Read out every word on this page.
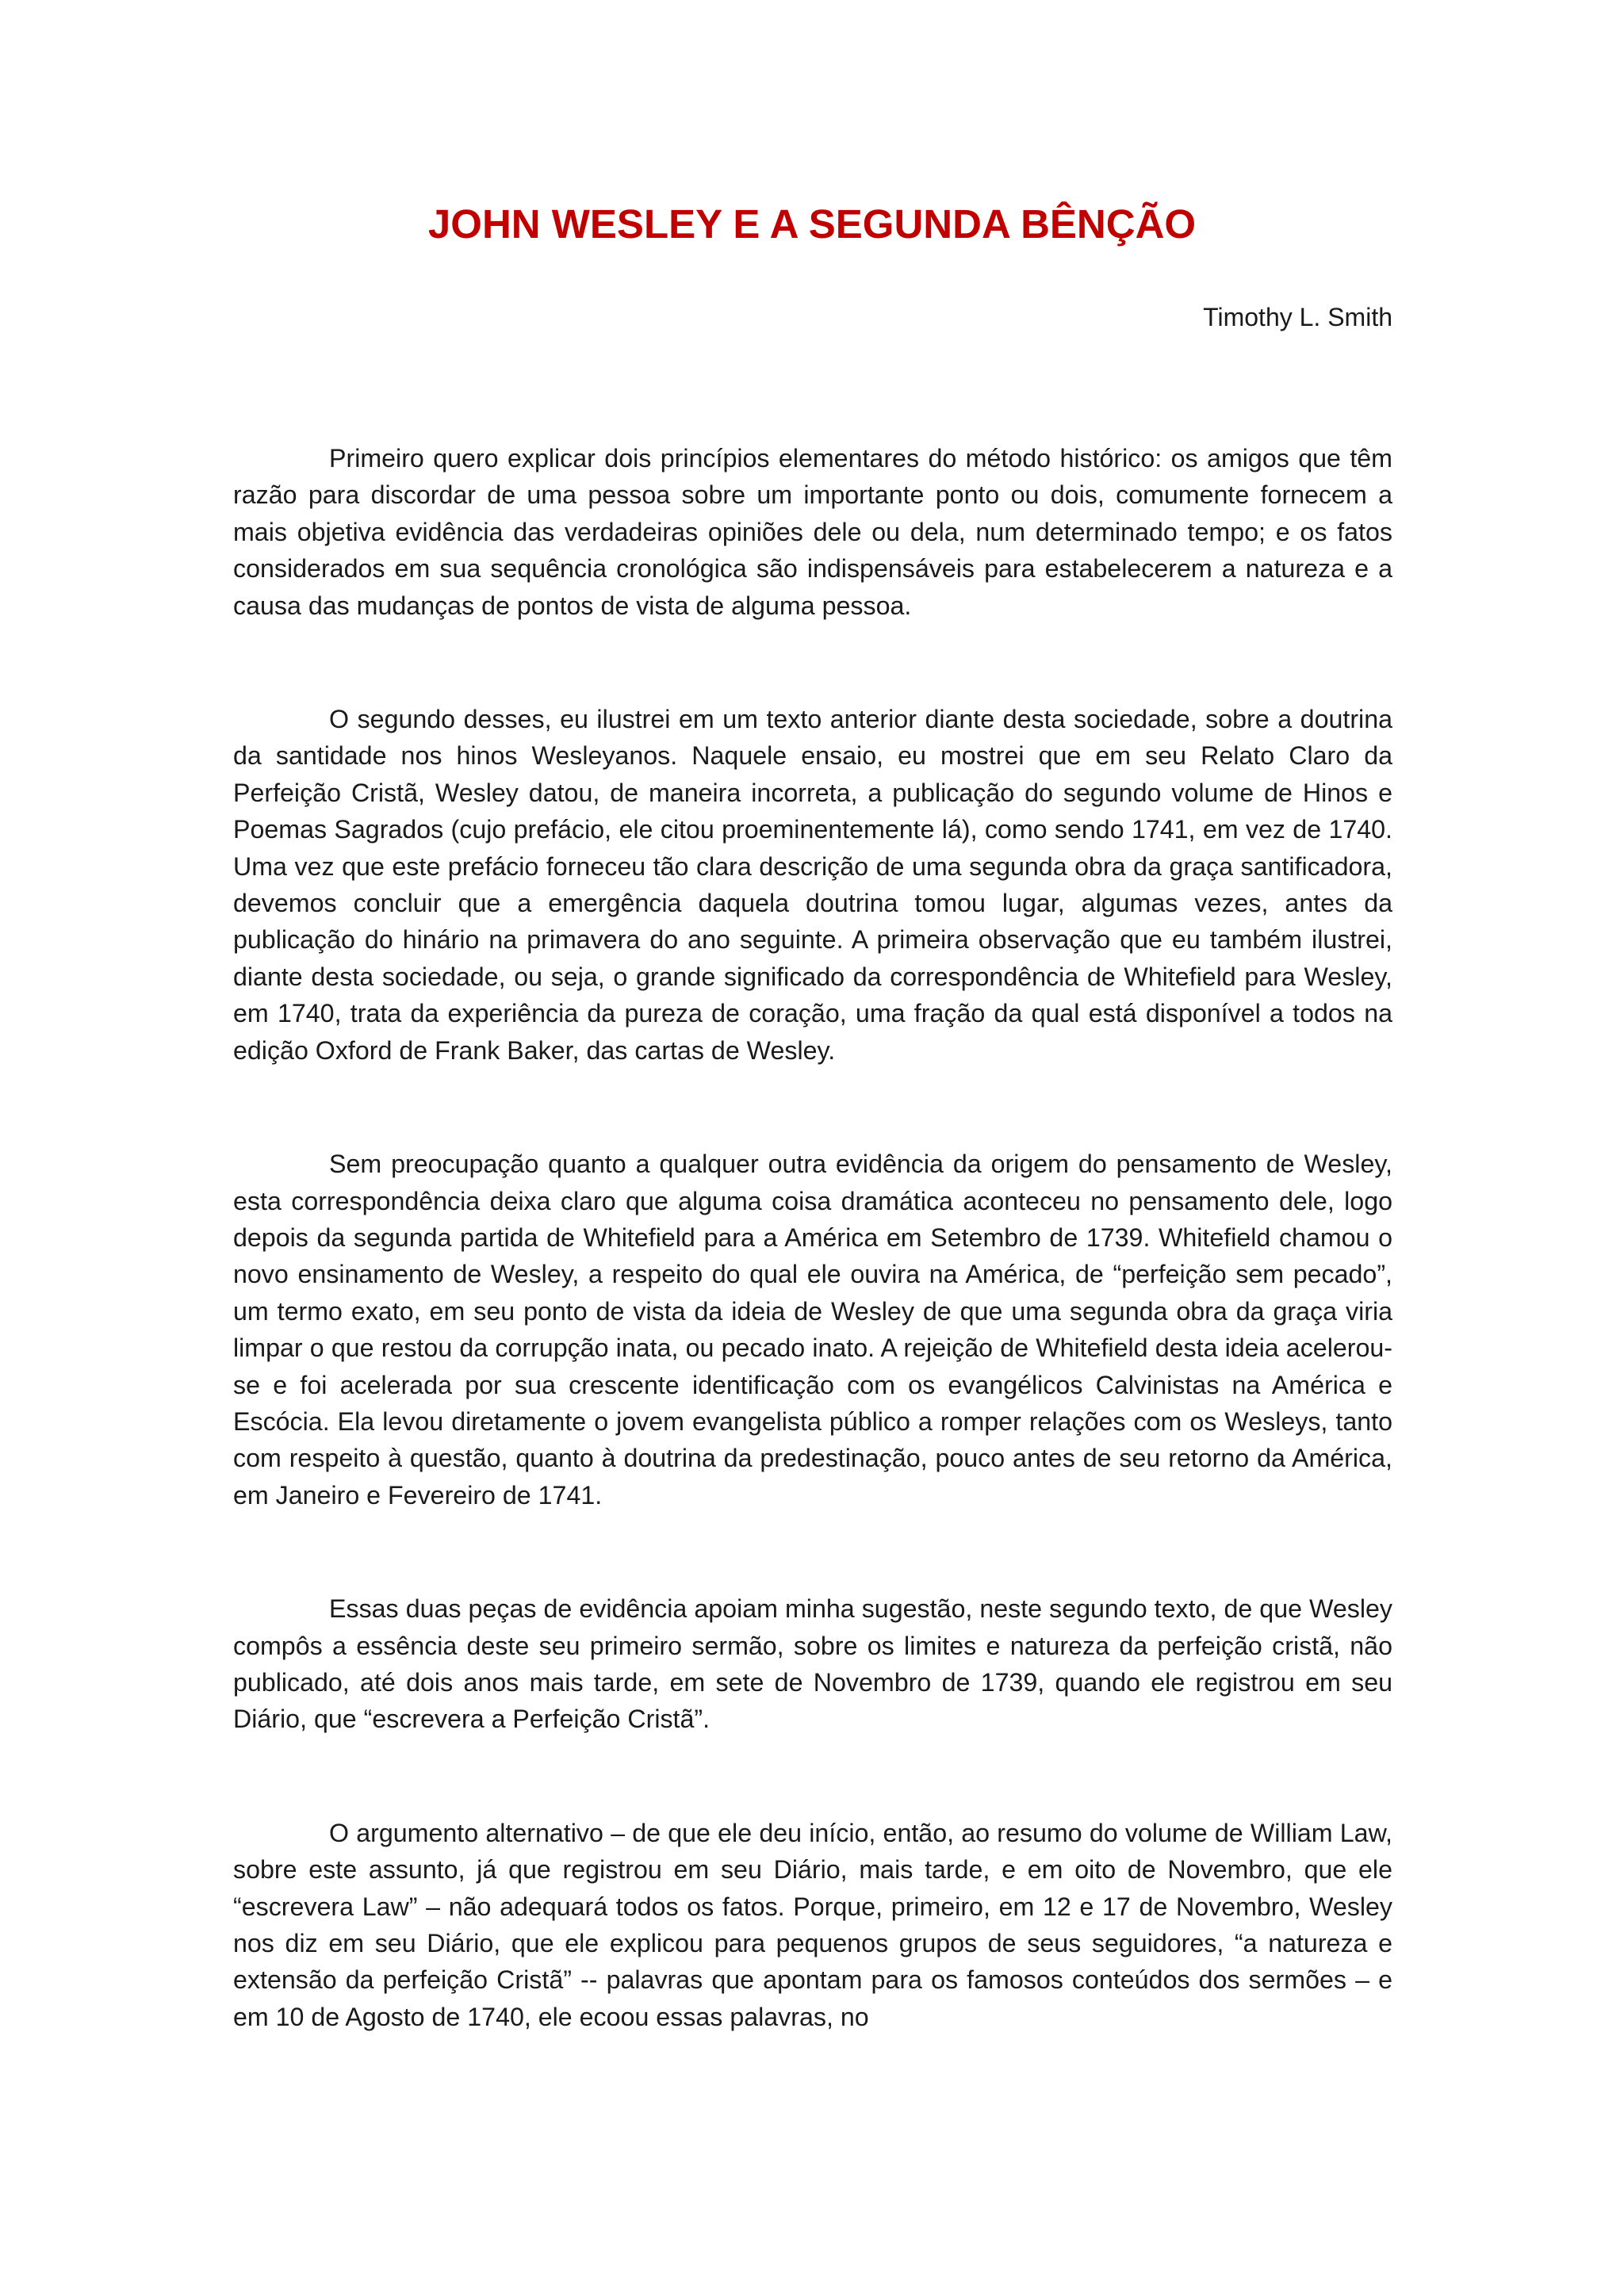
JOHN WESLEY E A SEGUNDA BÊNÇÃO

Timothy L. Smith

Primeiro quero explicar dois princípios elementares do método histórico: os amigos que têm razão para discordar de uma pessoa sobre um importante ponto ou dois, comumente fornecem a mais objetiva evidência das verdadeiras opiniões dele ou dela, num determinado tempo; e os fatos considerados em sua sequência cronológica são indispensáveis para estabelecerem a natureza e a causa das mudanças de pontos de vista de alguma pessoa.

O segundo desses, eu ilustrei em um texto anterior diante desta sociedade, sobre a doutrina da santidade nos hinos Wesleyanos. Naquele ensaio, eu mostrei que em seu Relato Claro da Perfeição Cristã, Wesley datou, de maneira incorreta, a publicação do segundo volume de Hinos e Poemas Sagrados (cujo prefácio, ele citou proeminentemente lá), como sendo 1741, em vez de 1740. Uma vez que este prefácio forneceu tão clara descrição de uma segunda obra da graça santificadora, devemos concluir que a emergência daquela doutrina tomou lugar, algumas vezes, antes da publicação do hinário na primavera do ano seguinte. A primeira observação que eu também ilustrei, diante desta sociedade, ou seja, o grande significado da correspondência de Whitefield para Wesley, em 1740, trata da experiência da pureza de coração, uma fração da qual está disponível a todos na edição Oxford de Frank Baker, das cartas de Wesley.

Sem preocupação quanto a qualquer outra evidência da origem do pensamento de Wesley, esta correspondência deixa claro que alguma coisa dramática aconteceu no pensamento dele, logo depois da segunda partida de Whitefield para a América em Setembro de 1739. Whitefield chamou o novo ensinamento de Wesley, a respeito do qual ele ouvira na América, de “perfeição sem pecado”, um termo exato, em seu ponto de vista da ideia de Wesley de que uma segunda obra da graça viria limpar o que restou da corrupção inata, ou pecado inato. A rejeição de Whitefield desta ideia acelerou-se e foi acelerada por sua crescente identificação com os evangélicos Calvinistas na América e Escócia. Ela levou diretamente o jovem evangelista público a romper relações com os Wesleys, tanto com respeito à questão, quanto à doutrina da predestinação, pouco antes de seu retorno da América, em Janeiro e Fevereiro de 1741.

Essas duas peças de evidência apoiam minha sugestão, neste segundo texto, de que Wesley compôs a essência deste seu primeiro sermão, sobre os limites e natureza da perfeição cristã, não publicado, até dois anos mais tarde, em sete de Novembro de 1739, quando ele registrou em seu Diário, que “escrevera a Perfeição Cristã”.

O argumento alternativo – de que ele deu início, então, ao resumo do volume de William Law, sobre este assunto, já que registrou em seu Diário, mais tarde, e em oito de Novembro, que ele “escrevera Law” – não adequará todos os fatos. Porque, primeiro, em 12 e 17 de Novembro, Wesley nos diz em seu Diário, que ele explicou para pequenos grupos de seus seguidores, “a natureza e extensão da perfeição Cristã” -- palavras que apontam para os famosos conteúdos dos sermões – e em 10 de Agosto de 1740, ele ecoou essas palavras, no
